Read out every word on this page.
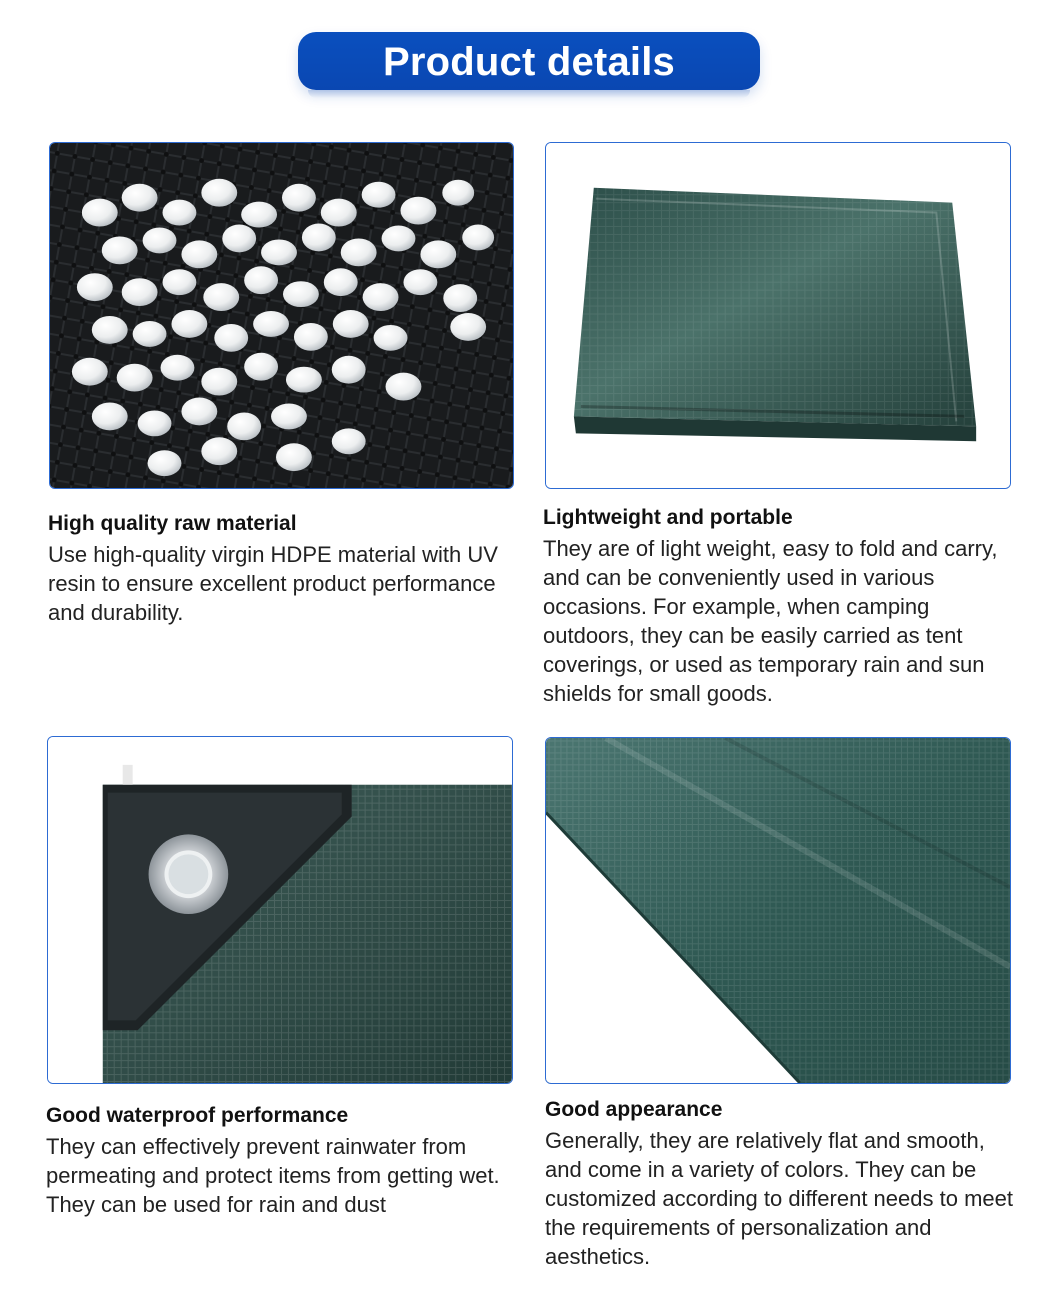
Product details
High quality raw material

Use high-quality virgin HDPE material with UV resin to ensure excellent product performance and durability.

Lightweight and portable

They are of light weight, easy to fold and carry, and can be conveniently used in various occasions. For example, when camping outdoors, they can be easily carried as tent coverings, or used as temporary rain and sun shields for small goods.

Good waterproof performance

They can effectively prevent rainwater from permeating and protect items from getting wet. They can be used for rain and dust

Good appearance

Generally, they are relatively flat and smooth, and come in a variety of colors. They can be customized according to different needs to meet the requirements of personalization and aesthetics.
